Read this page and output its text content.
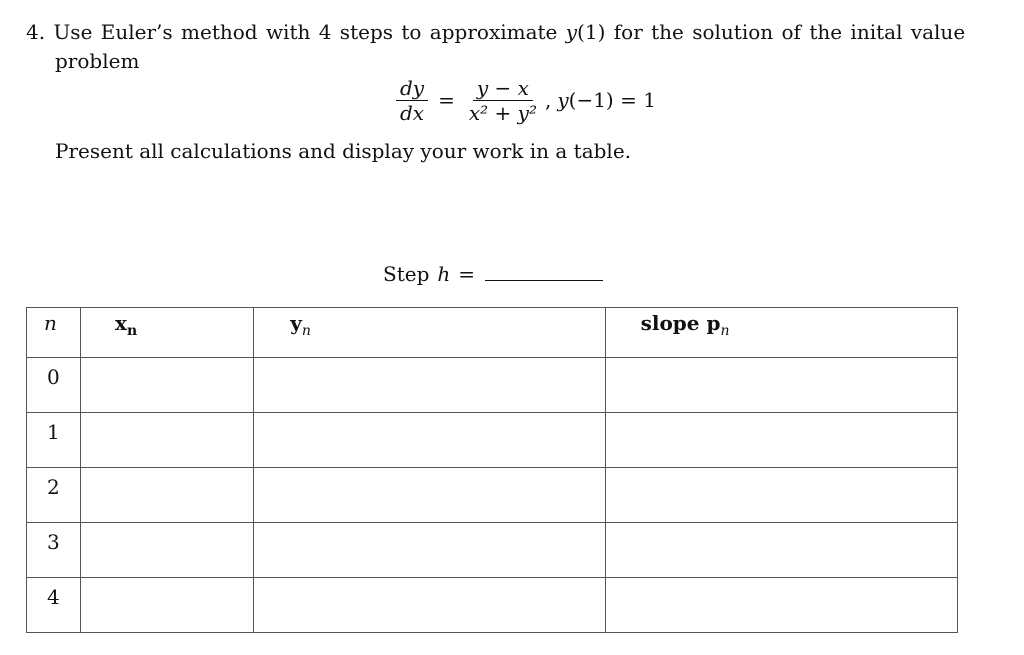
4. Use Euler’s method with 4 steps to approximate y(1) for the solution of the inital value
problem
$\frac{dy}{dx} = \frac{y - x}{\text{x² + y²}}$ , y(−1) = 1
Present all calculations and display your work in a table.
Step h =
n	$x_n$	$y_n$	slope $p_n$
0			
1			
2			
3			
4			
